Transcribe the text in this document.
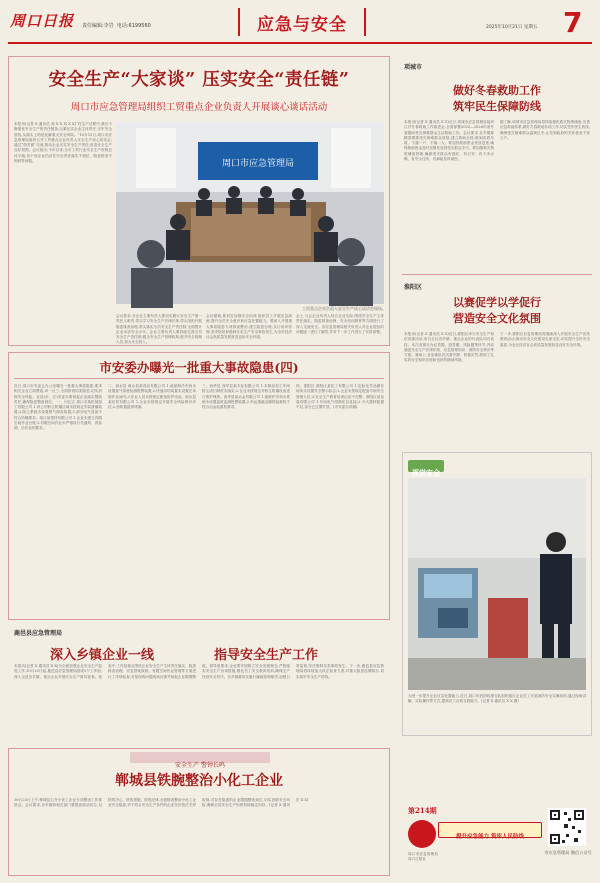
周口日报 责任编辑:李岩 电话:6199560	应急与安全	2025年10月21日 星期五 7
安全生产“大家谈” 压实安全“责任链”
周口市应急管理局组织工贸重点企业负责人开展谈心谈话活动
本报讯(记者 X 通讯员 高 X X 刘 X X)“在生产过程中,我们不断强化安全生产的责任链条,压紧压实企业主体责任,守牢安全底线,从源头上防范化解重大安全风险。”10月15日,周口市应急管理局组织召开工贸重点企业负责人安全生产谈心谈话会,通过“面对面”交流,推动企业压实安全生产责任,营造安全生产良好氛围。会议指出,今年以来,全市工贸行业安全生产形势总体平稳,但个别企业仍存在安全责任落实不到位、隐患排查不彻底等问题。	周口市应急管理局
工贸重点企业负责人安全生产谈心谈话会现场。
会议要求,各企业主要负责人要切实履行安全生产第一责任人职责,带头学习安全生产法律法规,带头组织开展隐患排查治理,带头落实全员安全生产责任制,全面提升企业本质安全水平。企业主要负责人要持续完善全员安全生产责任制,健全安全生产管理机构,配齐安全管理人员,加大安全投入。
会议强调,要切实加强安全培训,组织员工开展应急演练,提升全员安全意识和应急处置能力。要深入开展重大事故隐患专项排查整治,建立隐患台账,实行闭环管理,坚决防范和遏制各类生产安全事故发生,为全市经济社会高质量发展营造良好安全环境。
会上,与会企业负责人结合企业实际,围绕安全生产主体责任落实、隐患排查治理、安全培训教育等方面进行了深入交流发言。市应急管理局相关负责人对企业提出的问题逐一进行了解答,并对下一步工作进行了安排部署。
市安委办曝光一批重大事故隐患(四)
近日,周口市安委会办公室曝光一批重大事故隐患,要求相关企业立即整改,举一反三,全面排查同类隐患,切实消除安全风险。各县(市、区)安委办要督促企业落实整改责任,确保隐患整改到位。 一、川汇区 周口市某机械加工有限公司 1.该公司粉尘防爆区域未按规定安装泄爆装置;2.除尘系统未设置锁气卸灰装置;3.部分电气设备不符合防爆要求。周口某建材有限公司 1.企业未建立有限空间作业台账;2.有限空间作业未严格执行先通风、再检测、后作业的要求。
二、商水县 商水县某食品有限公司 1.液氨制冷车间未设置氨气浓度检测报警装置;2.快速冻结装置未设置在单独作业间内;3.作业人员未按规定配备防护用品。商水县某纺织有限公司 1.企业未按规定开展安全风险辨识评估;2.消防通道被堵塞。
三、西华县 西华县某木业有限公司 1.木制品加工车间粉尘清扫制度未落实;2.企业未按规定对粉尘防爆设备进行维护保养。西华县某冶金有限公司 1.熔炼炉冷却水系统未设置温度监测报警装置;2.吊运熔融金属的起重机不符合冶金起重机要求。
四、淮阳区 淮阳区某化工有限公司 1.危险化学品储存场所未设置安全警示标志;2.企业未按规定配备专职安全管理人员;3.安全生产教育培训记录不完整。淮阳区某包装有限公司 1.车间电气线路私拉乱接;2.灭火器材配置不足,部分已过期失效。(市安委办供稿)
鹿邑县应急管理局
深入乡镇企业一线	指导安全生产工作
本报讯(记者 X 通讯员 X X)为全面加强企业安全生产监管工作,10月20日起,鹿邑县应急管理局组成5个工作组,深入全县各乡镇、重点企业开展安全生产督导检查。检查中,工作组重点围绕企业安全生产主体责任落实、隐患排查治理、应急预案演练、有限空间作业管理等方面进行了详细检查,对发现的问题现场反馈并督促企业限期整改。督导组要求,企业要牢固树立安全发展理念,严格落实安全生产各项措施,强化员工安全教育培训,确保生产经营安全有序。各乡镇要切实履行属地管理职责,加强日常监管,坚决遏制各类事故发生。下一步,鹿邑县应急管理局将持续加大执法检查力度,对重大隐患挂牌督办,切实筑牢安全生产防线。
安全生产 警钟长鸣
郸城县铁腕整治小化工企业
10月23日上午,郸城县召开小化工企业专项整治工作推进会。会议要求,各乡镇和相关部门要提高政治站位,以铁的决心、铁的措施、铁的纪律,全面排查整治小化工企业安全隐患,对不符合安全生产条件的企业坚决依法关停取缔,对存在隐患的企业限期整改到位,切实消除安全风险,确保全县安全生产形势持续稳定向好。(记者 X 通讯员 X X)
项城市
做好冬春救助工作
筑牢民生保障防线
本报讯(记者 X 通讯员 X X)近日,项城市应急管理局组织召开冬春救助工作推进会,全面部署2025—2026年度冬春期间受灾困难群众生活救助工作。会议要求,各乡镇要精准摸排受灾困难群众底数,建立救助台账,做到应救尽救、不漏一户、不落一人。要加快救助资金发放进度,确保救助资金及时足额发放到受灾群众手中。要加强救灾物资储备管理,确保受灾群众有饭吃、有衣穿、有干净水喝、有安全住所、有病能及时就医。
据了解,项城市应急管理局将持续强化救灾物资储备,完善应急救助体系,做好冬春救助各项工作,切实兜牢民生底线,确保受灾困难群众温暖过冬,让党和政府的关怀惠及千家万户。
淮阳区
以赛促学以学促行
营造安全文化氛围
本报讯(记者 X 通讯员 X X)近日,淮阳区举办安全生产知识竞赛活动,来自全区各乡镇、重点企业的代表队同台竞技。本次竞赛分为必答题、抢答题、风险题等环节,内容涵盖安全生产法律法规、应急管理知识、消防安全常识等方面。赛场上,各参赛队员沉着冷静、积极应答,展现了扎实的安全知识功底和良好的精神风貌。
下一步,淮阳区应急管理局将继续深入开展安全生产宣传教育活动,推动安全文化建设走深走实,切实提升全民安全素质,为全区经济社会高质量发展营造良好安全环境。
视觉安全
为进一步提升企业应急处置能力,近日,周口市消防救援支队组织辖区企业员工开展消防安全实操培训,通过现场讲解、实际操作等方式,提高员工自救互救能力。(记者 X 通讯员 X X 摄)
第214期
周口市应急管理局 周口日报社
提升应急能力 筑牢人民防线
市应急管理局 微信公众号
